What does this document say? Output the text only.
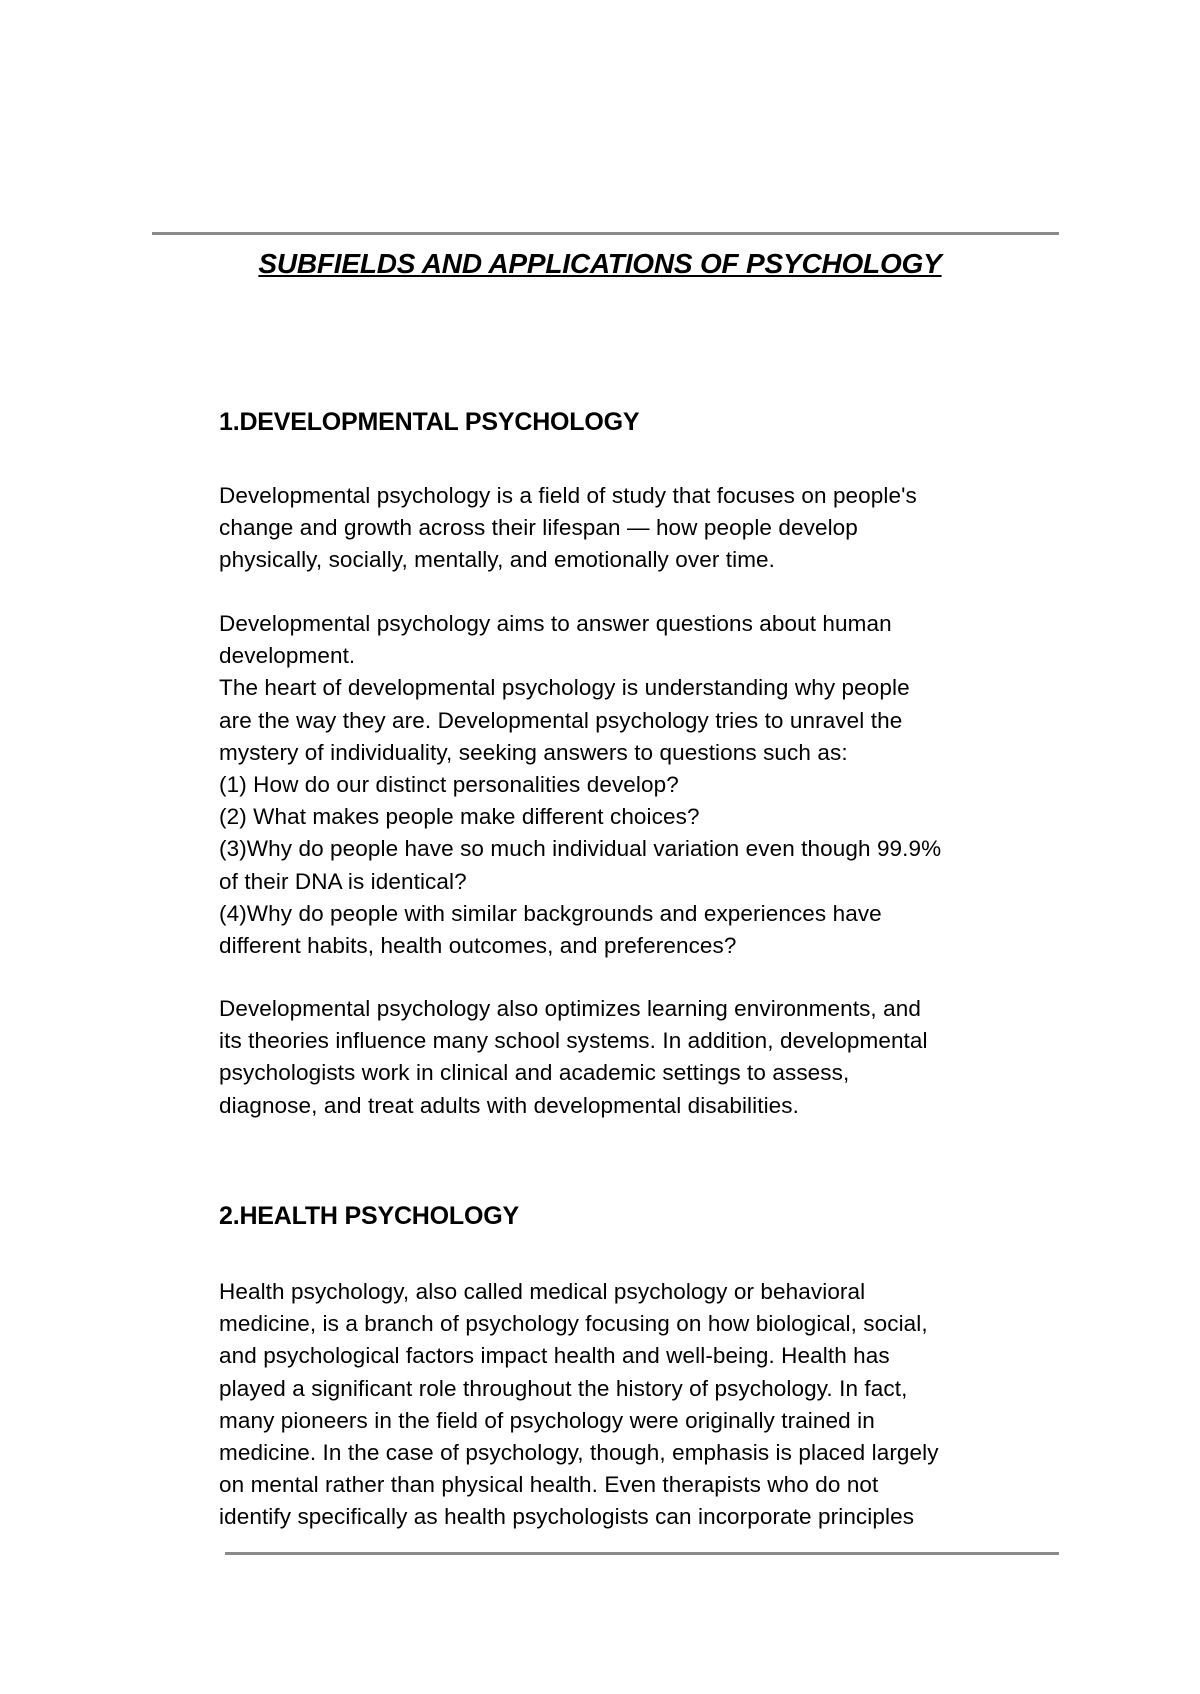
SUBFIELDS AND APPLICATIONS OF PSYCHOLOGY
1.DEVELOPMENTAL PSYCHOLOGY
Developmental psychology is a field of study that focuses on people's
change and growth across their lifespan — how people develop
physically, socially, mentally, and emotionally over time.
Developmental psychology aims to answer questions about human
development.
The heart of developmental psychology is understanding why people
are the way they are. Developmental psychology tries to unravel the
mystery of individuality, seeking answers to questions such as:
(1) How do our distinct personalities develop?
(2) What makes people make different choices?
(3)Why do people have so much individual variation even though 99.9%
of their DNA is identical?
(4)Why do people with similar backgrounds and experiences have
different habits, health outcomes, and preferences?
Developmental psychology also optimizes learning environments, and
its theories influence many school systems. In addition, developmental
psychologists work in clinical and academic settings to assess,
diagnose, and treat adults with developmental disabilities.
2.HEALTH PSYCHOLOGY
Health psychology, also called medical psychology or behavioral
medicine, is a branch of psychology focusing on how biological, social,
and psychological factors impact health and well-being. Health has
played a significant role throughout the history of psychology. In fact,
many pioneers in the field of psychology were originally trained in
medicine. In the case of psychology, though, emphasis is placed largely
on mental rather than physical health. Even therapists who do not
identify specifically as health psychologists can incorporate principles
